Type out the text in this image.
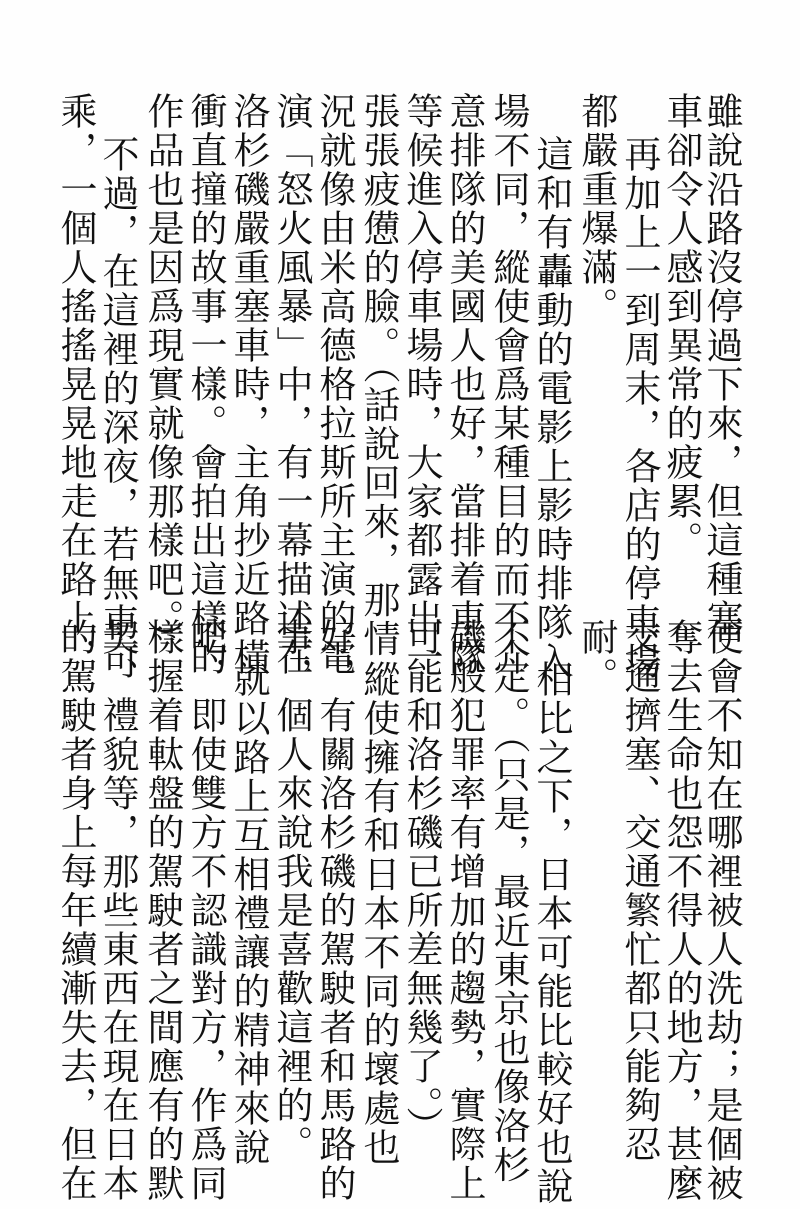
雖說沿路沒停過下來，但這種塞
車卻令人感到異常的疲累。
再加上一到周末，各店的停車場
都嚴重爆滿。
這和有轟動的電影上影時排隊入
場不同，縱使會爲某種目的而不介
意排隊的美國人也好，當排着車隊
等候進入停車場時，大家都露出一
張張疲憊的臉。（話說回來，那情
況就像由米高德格拉斯所主演的電
演「怒火風暴」中，有一幕描述在
洛杉磯嚴重塞車時，主角抄近路橫
衝直撞的故事一樣。會拍出這樣的
作品也是因爲現實就像那樣吧。）
不過，在這裡的深夜，若無車可
乘，一個人搖搖晃晃地走在路上，
便會不知在哪裡被人洗劫；是個被
奪去生命也怨不得人的地方，甚麼
交通擠塞、交通繁忙都只能夠忍
耐。
相比之下，日本可能比較好也說
不定。（只是，最近東京也像洛杉
磯般犯罪率有增加的趨勢，實際上
可能和洛杉磯已所差無幾了。）
縱使擁有和日本不同的壞處也
好，有關洛杉磯的駕駛者和馬路的
事，個人來說我是喜歡這裡的。
就以路上互相禮讓的精神來說
吧，即使雙方不認識對方，作爲同
樣握着軚盤的駕駛者之間應有的默
契、禮貌等，那些東西在現在日本
的駕駛者身上每年續漸失去，但在
